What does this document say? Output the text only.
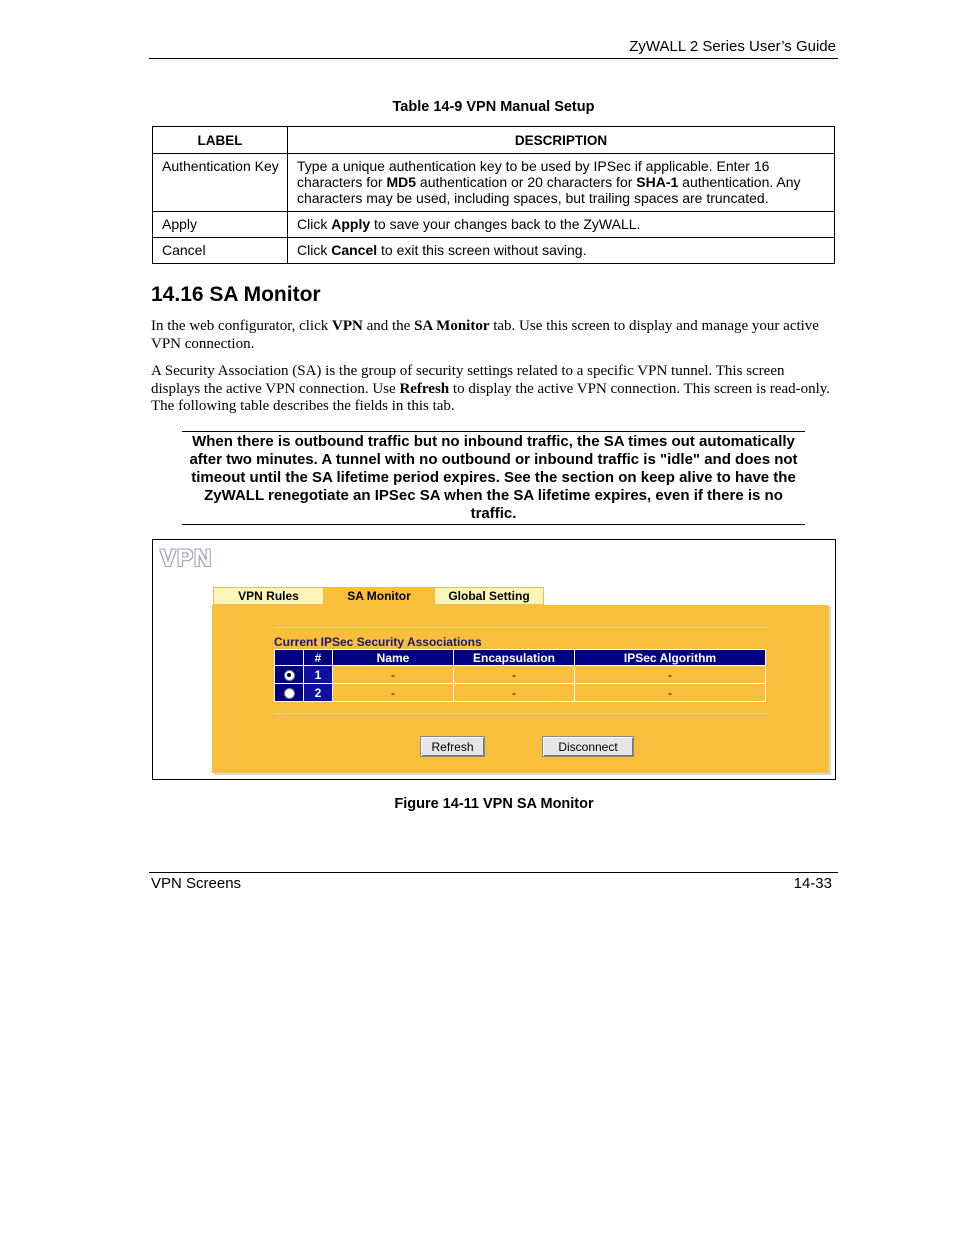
ZyWALL 2 Series User’s Guide
Table 14-9 VPN Manual Setup
LABEL	DESCRIPTION
Authentication Key	Type a unique authentication key to be used by IPSec if applicable. Enter 16 characters for MD5 authentication or 20 characters for SHA-1 authentication. Any characters may be used, including spaces, but trailing spaces are truncated.
Apply	Click Apply to save your changes back to the ZyWALL.
Cancel	Click Cancel to exit this screen without saving.
14.16 SA Monitor
In the web configurator, click VPN and the SA Monitor tab. Use this screen to display and manage your active VPN connection.
A Security Association (SA) is the group of security settings related to a specific VPN tunnel. This screen displays the active VPN connection. Use Refresh to display the active VPN connection. This screen is read-only. The following table describes the fields in this tab.
When there is outbound traffic but no inbound traffic, the SA times out automatically after two minutes. A tunnel with no outbound or inbound traffic is "idle" and does not timeout until the SA lifetime period expires. See the section on keep alive to have the ZyWALL renegotiate an IPSec SA when the SA lifetime expires, even if there is no traffic.
VPN
VPN Rules	SA Monitor	Global Setting
Current IPSec Security Associations
	#	Name	Encapsulation	IPSec Algorithm
	1	-	-	-
	2	-	-	-
Refresh	Disconnect
Figure 14-11 VPN SA Monitor
VPN Screens	14-33
